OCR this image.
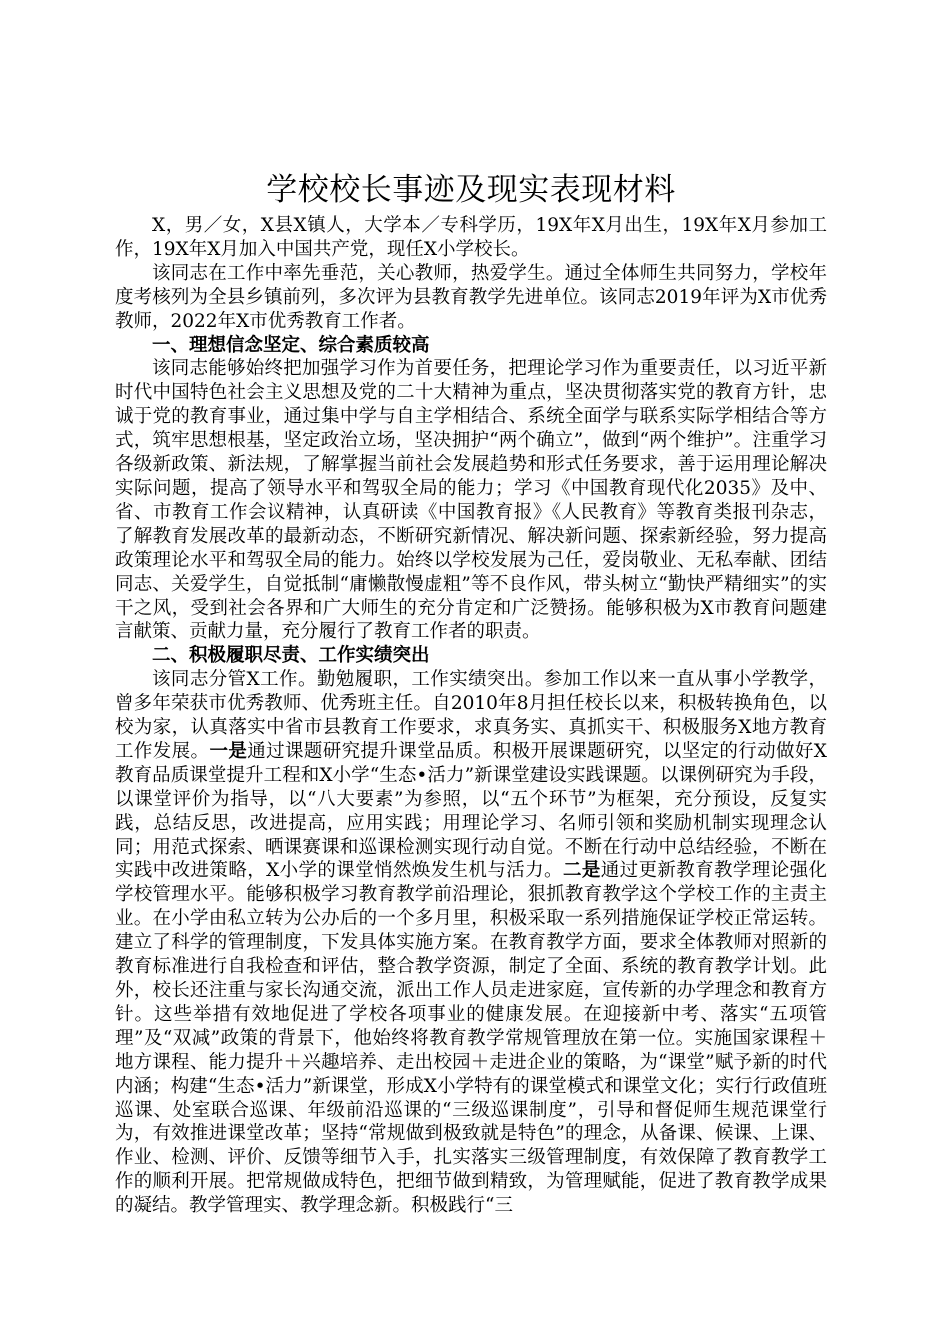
学校校长事迹及现实表现材料

X，男／女，X县X镇人，大学本／专科学历，19X年X月出生，19X年X月参加工作，19X年X月加入中国共产党，现任X小学校长。

该同志在工作中率先垂范，关心教师，热爱学生。通过全体师生共同努力，学校年度考核列为全县乡镇前列，多次评为县教育教学先进单位。该同志2019年评为X市优秀教师，2022年X市优秀教育工作者。

一、理想信念坚定、综合素质较高

该同志能够始终把加强学习作为首要任务，把理论学习作为重要责任，以习近平新时代中国特色社会主义思想及党的二十大精神为重点，坚决贯彻落实党的教育方针，忠诚于党的教育事业，通过集中学与自主学相结合、系统全面学与联系实际学相结合等方式，筑牢思想根基，坚定政治立场，坚决拥护“两个确立”，做到“两个维护”。注重学习各级新政策、新法规，了解掌握当前社会发展趋势和形式任务要求，善于运用理论解决实际问题，提高了领导水平和驾驭全局的能力；学习《中国教育现代化2035》及中、省、市教育工作会议精神，认真研读《中国教育报》《人民教育》等教育类报刊杂志，了解教育发展改革的最新动态，不断研究新情况、解决新问题、探索新经验，努力提高政策理论水平和驾驭全局的能力。始终以学校发展为己任，爱岗敬业、无私奉献、团结同志、关爱学生，自觉抵制“庸懒散慢虚粗”等不良作风，带头树立“勤快严精细实”的实干之风，受到社会各界和广大师生的充分肯定和广泛赞扬。能够积极为X市教育问题建言献策、贡献力量，充分履行了教育工作者的职责。

二、积极履职尽责、工作实绩突出

该同志分管X工作。勤勉履职，工作实绩突出。参加工作以来一直从事小学教学，曾多年荣获市优秀教师、优秀班主任。自2010年8月担任校长以来，积极转换角色，以校为家，认真落实中省市县教育工作要求，求真务实、真抓实干、积极服务X地方教育工作发展。一是通过课题研究提升课堂品质。积极开展课题研究，以坚定的行动做好X教育品质课堂提升工程和X小学“生态•活力”新课堂建设实践课题。以课例研究为手段，以课堂评价为指导，以“八大要素”为参照，以“五个环节”为框架，充分预设，反复实践，总结反思，改进提高，应用实践；用理论学习、名师引领和奖励机制实现理念认同；用范式探索、晒课赛课和巡课检测实现行动自觉。不断在行动中总结经验，不断在实践中改进策略，X小学的课堂悄然焕发生机与活力。二是通过更新教育教学理论强化学校管理水平。能够积极学习教育教学前沿理论，狠抓教育教学这个学校工作的主责主业。在小学由私立转为公办后的一个多月里，积极采取一系列措施保证学校正常运转。建立了科学的管理制度，下发具体实施方案。在教育教学方面，要求全体教师对照新的教育标准进行自我检查和评估，整合教学资源，制定了全面、系统的教育教学计划。此外，校长还注重与家长沟通交流，派出工作人员走进家庭，宣传新的办学理念和教育方针。这些举措有效地促进了学校各项事业的健康发展。在迎接新中考、落实“五项管理”及“双减”政策的背景下，他始终将教育教学常规管理放在第一位。实施国家课程＋地方课程、能力提升＋兴趣培养、走出校园＋走进企业的策略，为“课堂”赋予新的时代内涵；构建“生态•活力”新课堂，形成X小学特有的课堂模式和课堂文化；实行行政值班巡课、处室联合巡课、年级前沿巡课的“三级巡课制度”，引导和督促师生规范课堂行为，有效推进课堂改革；坚持“常规做到极致就是特色”的理念，从备课、候课、上课、作业、检测、评价、反馈等细节入手，扎实落实三级管理制度，有效保障了教育教学工作的顺利开展。把常规做成特色，把细节做到精致，为管理赋能，促进了教育教学成果的凝结。教学管理实、教学理念新。积极践行“三
